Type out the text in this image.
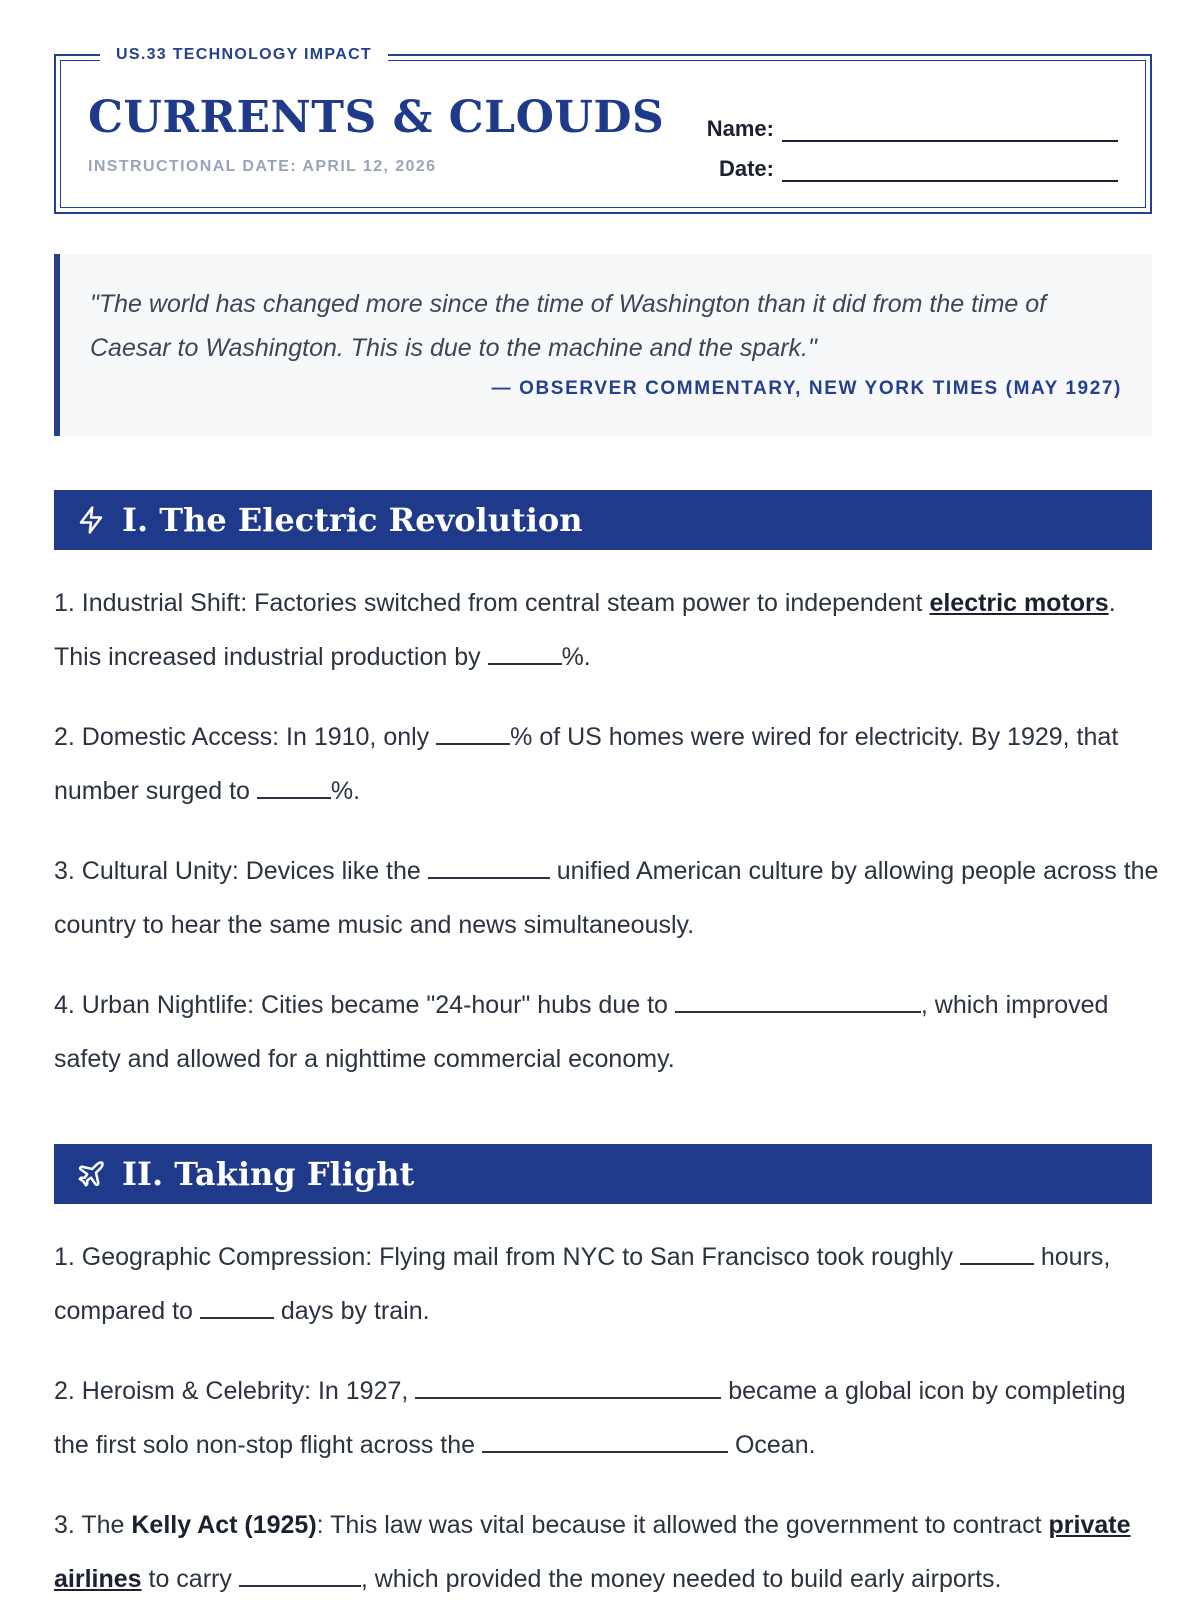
US.33 TECHNOLOGY IMPACT
CURRENTS & CLOUDS
INSTRUCTIONAL DATE: APRIL 12, 2026
Name:
Date:

"The world has changed more since the time of Washington than it did from the time of Caesar to Washington. This is due to the machine and the spark."

— OBSERVER COMMENTARY, NEW YORK TIMES (MAY 1927)

I. The Electric Revolution

1. Industrial Shift: Factories switched from central steam power to independent electric motors. This increased industrial production by	%.

2. Domestic Access: In 1910, only	% of US homes were wired for electricity. By 1929, that number surged to	%.

3. Cultural Unity: Devices like the	unified American culture by allowing people across the country to hear the same music and news simultaneously.

4. Urban Nightlife: Cities became "24-hour" hubs due to	, which improved safety and allowed for a nighttime commercial economy.

II. Taking Flight

1. Geographic Compression: Flying mail from NYC to San Francisco took roughly	hours, compared to	days by train.

2. Heroism & Celebrity: In 1927,	became a global icon by completing the first solo non-stop flight across the	Ocean.

3. The Kelly Act (1925): This law was vital because it allowed the government to contract private airlines to carry	, which provided the money needed to build early airports.
